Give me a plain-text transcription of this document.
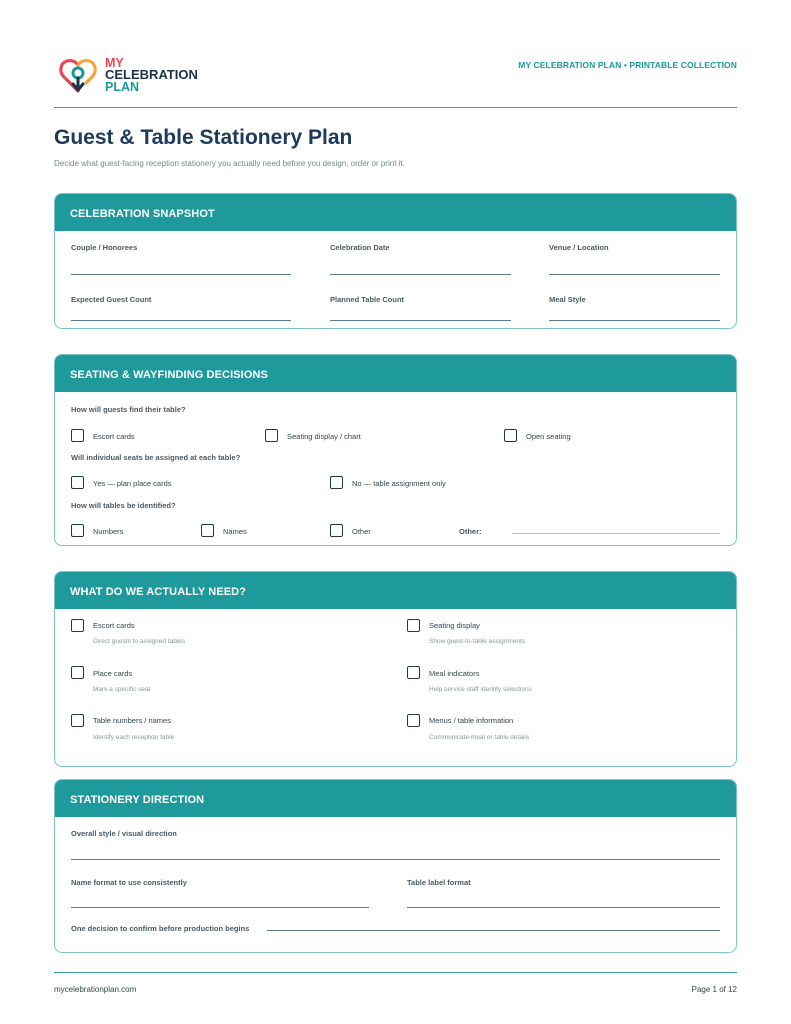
MY
CELEBRATION
PLAN
MY CELEBRATION PLAN • PRINTABLE COLLECTION
Guest & Table Stationery Plan
Decide what guest-facing reception stationery you actually need before you design, order or print it.
CELEBRATION SNAPSHOT
Couple / Honorees	Celebration Date	Venue / Location
Expected Guest Count	Planned Table Count	Meal Style
SEATING & WAYFINDING DECISIONS
How will guests find their table?
Escort cards	Seating display / chart	Open seating
Will individual seats be assigned at each table?
Yes — plan place cards	No — table assignment only
How will tables be identified?
Numbers	Names	Other	Other:
WHAT DO WE ACTUALLY NEED?
Escort cards
Direct guests to assigned tables
Seating display
Show guest-to-table assignments
Place cards
Mark a specific seat
Meal indicators
Help service staff identify selections
Table numbers / names
Identify each reception table
Menus / table information
Communicate meal or table details
STATIONERY DIRECTION
Overall style / visual direction
Name format to use consistently	Table label format
One decision to confirm before production begins
mycelebrationplan.com	Page 1 of 12
